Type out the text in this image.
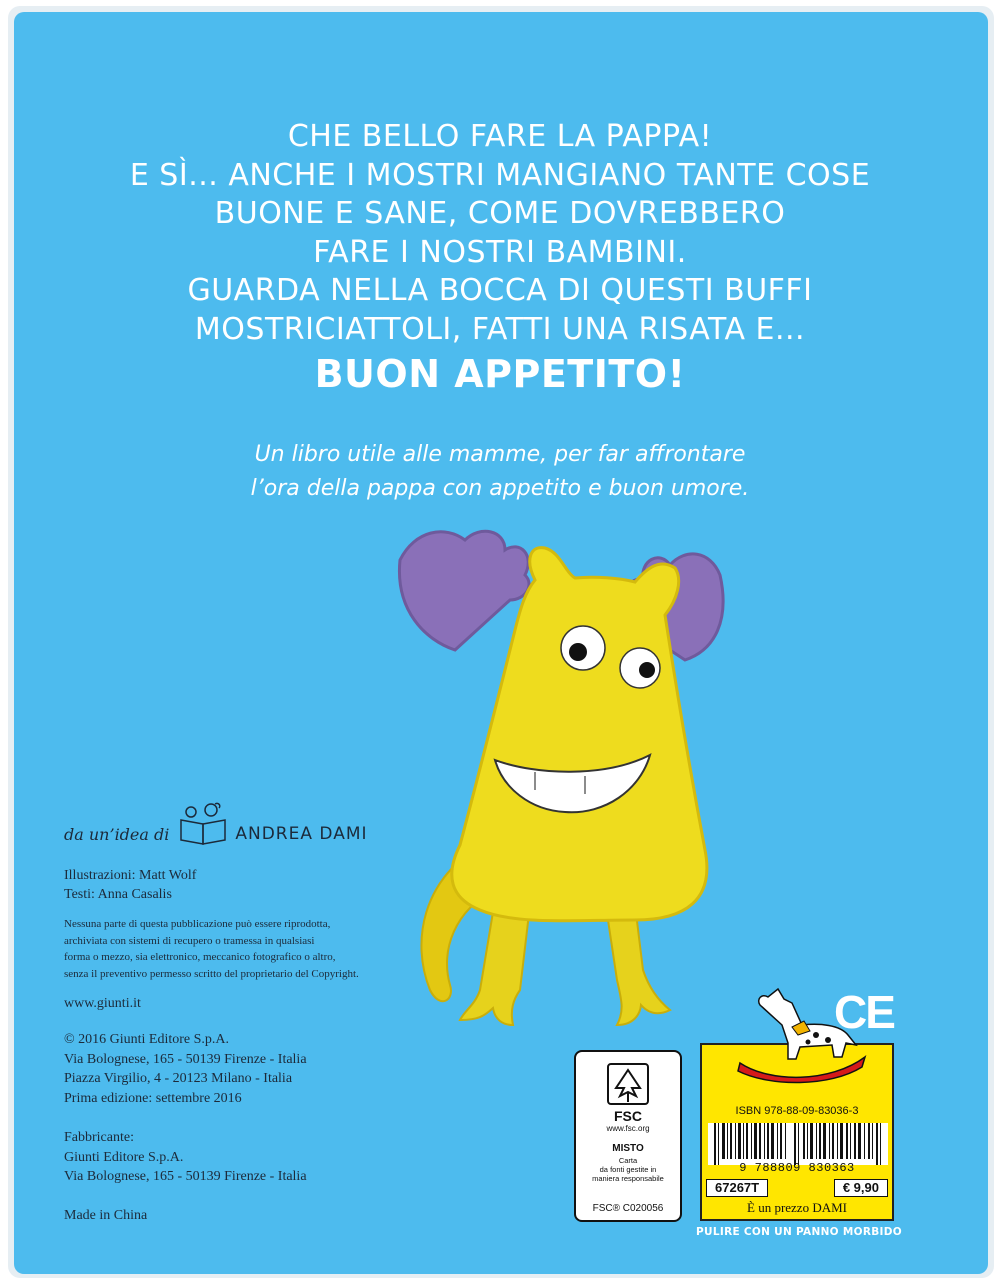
CHE BELLO FARE LA PAPPA!
E SÌ... ANCHE I MOSTRI MANGIANO TANTE COSE
BUONE E SANE, COME DOVREBBERO
FARE I NOSTRI BAMBINI.
GUARDA NELLA BOCCA DI QUESTI BUFFI
MOSTRICIATTOLI, FATTI UNA RISATA E...
BUON APPETITO!
Un libro utile alle mamme, per far affrontare
l’ora della pappa con appetito e buon umore.
da un’idea di	ANDREA DAMI
Illustrazioni: Matt Wolf
Testi: Anna Casalis
Nessuna parte di questa pubblicazione può essere riprodotta,
archiviata con sistemi di recupero o tramessa in qualsiasi
forma o mezzo, sia elettronico, meccanico fotografico o altro,
senza il preventivo permesso scritto del proprietario del Copyright.
www.giunti.it
© 2016 Giunti Editore S.p.A.
Via Bolognese, 165 - 50139 Firenze - Italia
Piazza Virgilio, 4 - 20123 Milano - Italia
Prima edizione: settembre 2016
Fabbricante:
Giunti Editore S.p.A.
Via Bolognese, 165 - 50139 Firenze - Italia
Made in China
FSC
www.fsc.org
MISTO
Carta
da fonti gestite in
maniera responsabile
FSC® C020056
CE
ISBN 978-88-09-83036-3
9 788809 830363
67267T	€ 9,90
È un prezzo DAMI
PULIRE CON UN PANNO MORBIDO
